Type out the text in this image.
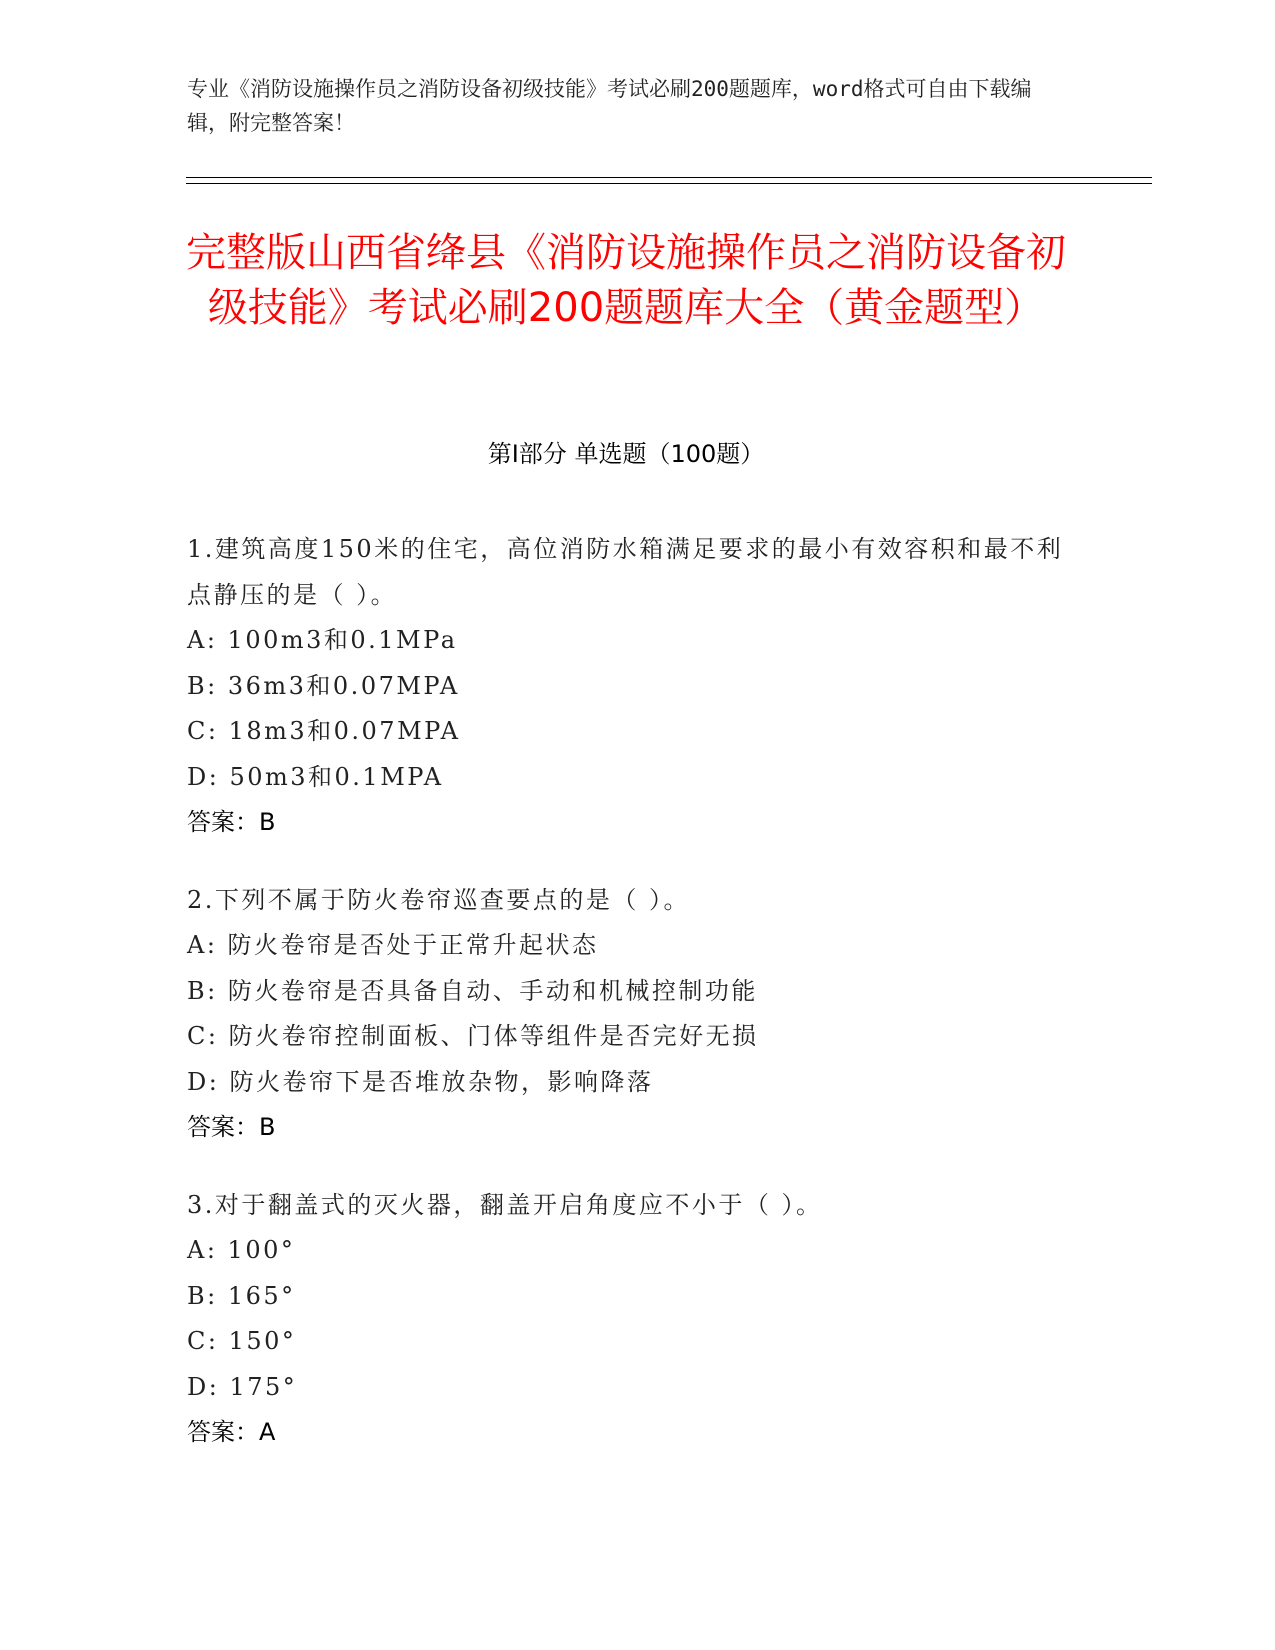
专业《消防设施操作员之消防设备初级技能》考试必刷200题题库，word格式可自由下载编辑，附完整答案！
完整版山西省绛县《消防设施操作员之消防设备初级技能》考试必刷200题题库大全（黄金题型）
第I部分 单选题（100题）
1.建筑高度150米的住宅，高位消防水箱满足要求的最小有效容积和最不利点静压的是（ ）。
A: 100m3和0.1MPa
B: 36m3和0.07MPA
C: 18m3和0.07MPA
D: 50m3和0.1MPA
答案：B
2.下列不属于防火卷帘巡查要点的是（ ）。
A: 防火卷帘是否处于正常升起状态
B: 防火卷帘是否具备自动、手动和机械控制功能
C: 防火卷帘控制面板、门体等组件是否完好无损
D: 防火卷帘下是否堆放杂物，影响降落
答案：B
3.对于翻盖式的灭火器，翻盖开启角度应不小于（ ）。
A: 100°
B: 165°
C: 150°
D: 175°
答案：A
